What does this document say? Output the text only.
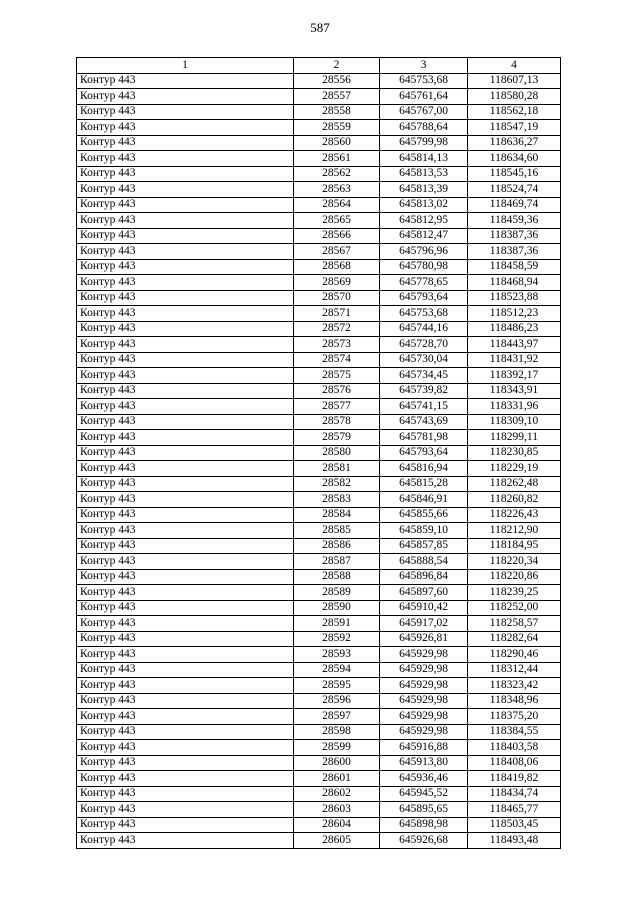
587
1	2	3	4
Контур 443	28556	645753,68	118607,13
Контур 443	28557	645761,64	118580,28
Контур 443	28558	645767,00	118562,18
Контур 443	28559	645788,64	118547,19
Контур 443	28560	645799,98	118636,27
Контур 443	28561	645814,13	118634,60
Контур 443	28562	645813,53	118545,16
Контур 443	28563	645813,39	118524,74
Контур 443	28564	645813,02	118469,74
Контур 443	28565	645812,95	118459,36
Контур 443	28566	645812,47	118387,36
Контур 443	28567	645796,96	118387,36
Контур 443	28568	645780,98	118458,59
Контур 443	28569	645778,65	118468,94
Контур 443	28570	645793,64	118523,88
Контур 443	28571	645753,68	118512,23
Контур 443	28572	645744,16	118486,23
Контур 443	28573	645728,70	118443,97
Контур 443	28574	645730,04	118431,92
Контур 443	28575	645734,45	118392,17
Контур 443	28576	645739,82	118343,91
Контур 443	28577	645741,15	118331,96
Контур 443	28578	645743,69	118309,10
Контур 443	28579	645781,98	118299,11
Контур 443	28580	645793,64	118230,85
Контур 443	28581	645816,94	118229,19
Контур 443	28582	645815,28	118262,48
Контур 443	28583	645846,91	118260,82
Контур 443	28584	645855,66	118226,43
Контур 443	28585	645859,10	118212,90
Контур 443	28586	645857,85	118184,95
Контур 443	28587	645888,54	118220,34
Контур 443	28588	645896,84	118220,86
Контур 443	28589	645897,60	118239,25
Контур 443	28590	645910,42	118252,00
Контур 443	28591	645917,02	118258,57
Контур 443	28592	645926,81	118282,64
Контур 443	28593	645929,98	118290,46
Контур 443	28594	645929,98	118312,44
Контур 443	28595	645929,98	118323,42
Контур 443	28596	645929,98	118348,96
Контур 443	28597	645929,98	118375,20
Контур 443	28598	645929,98	118384,55
Контур 443	28599	645916,88	118403,58
Контур 443	28600	645913,80	118408,06
Контур 443	28601	645936,46	118419,82
Контур 443	28602	645945,52	118434,74
Контур 443	28603	645895,65	118465,77
Контур 443	28604	645898,98	118503,45
Контур 443	28605	645926,68	118493,48
